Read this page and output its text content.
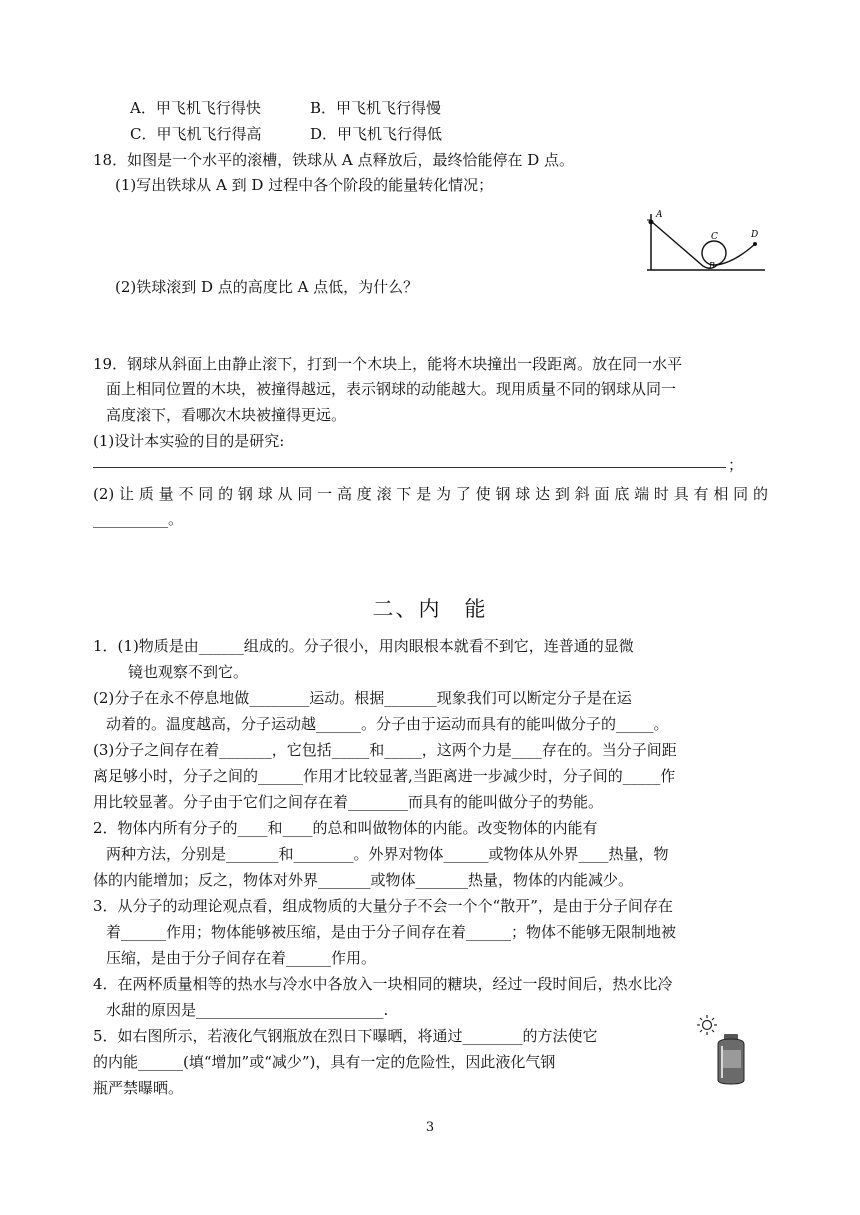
A．甲飞机飞行得快	B．甲飞机飞行得慢
C．甲飞机飞行得高	D．甲飞机飞行得低
18．如图是一个水平的滚槽，铁球从 A 点释放后，最终恰能停在 D 点。
(1)写出铁球从 A 到 D 过程中各个阶段的能量转化情况；
(2)铁球滚到 D 点的高度比 A 点低，为什么？
A
B
C	D
19．钢球从斜面上由静止滚下，打到一个木块上，能将木块撞出一段距离。放在同一水平
面上相同位置的木块，被撞得越远，表示钢球的动能越大。现用质量不同的钢球从同一
高度滚下，看哪次木块被撞得更远。
(1)设计本实验的目的是研究:
；
(2)让质量不同的钢球从同一高度滚下是为了使钢球达到斜面底端时具有相同的
__________。
二、内　能
1．(1)物质是由______组成的。分子很小，用肉眼根本就看不到它，连普通的显微
镜也观察不到它。
(2)分子在永不停息地做________运动。根据_______现象我们可以断定分子是在运
动着的。温度越高，分子运动越______。分子由于运动而具有的能叫做分子的_____。
(3)分子之间存在着_______，它包括_____和_____，这两个力是____存在的。当分子间距
离足够小时，分子之间的______作用才比较显著,当距离进一步减少时，分子间的_____作
用比较显著。分子由于它们之间存在着________而具有的能叫做分子的势能。
2．物体内所有分子的____和____的总和叫做物体的内能。改变物体的内能有
两种方法，分别是_______和________。外界对物体______或物体从外界____热量，物
体的内能增加；反之，物体对外界_______或物体_______热量，物体的内能减少。
3．从分子的动理论观点看，组成物质的大量分子不会一个个“散开”，是由于分子间存在
着______作用；物体能够被压缩，是由于分子间存在着______；物体不能够无限制地被
压缩，是由于分子间存在着______作用。
4．在两杯质量相等的热水与冷水中各放入一块相同的糖块，经过一段时间后，热水比冷
水甜的原因是_________________________.
5．如右图所示，若液化气钢瓶放在烈日下曝晒，将通过________的方法使它
的内能______(填“增加”或“减少”)，具有一定的危险性，因此液化气钢
瓶严禁曝晒。
3
